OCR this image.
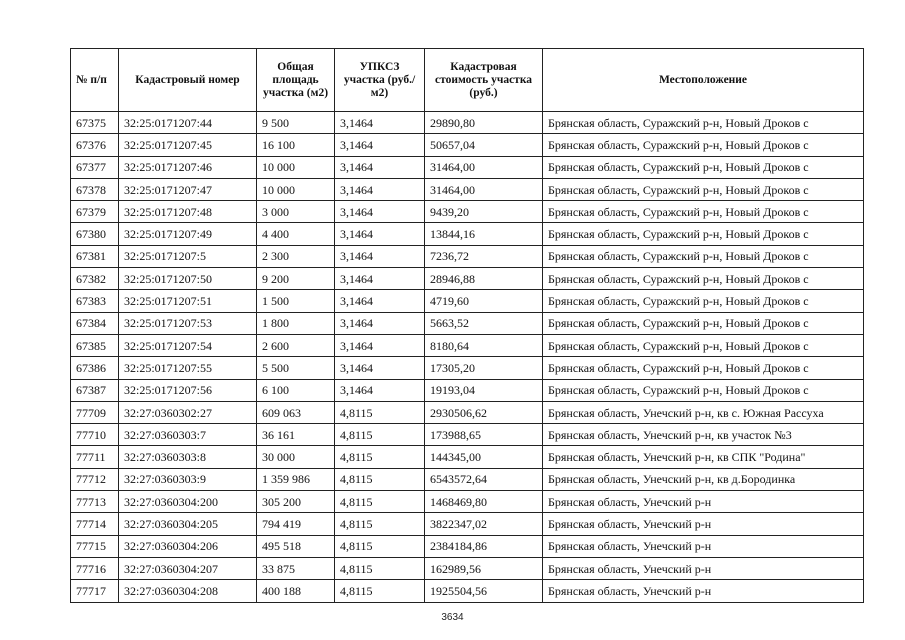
№ п/п	Кадастровый номер	Общая площадь участка (м2)	УПКСЗ участка (руб./м2)	Кадастровая стоимость участка (руб.)	Местоположение
67375	32:25:0171207:44	9 500	3,1464	29890,80	Брянская область, Суражский р-н, Новый Дроков с
67376	32:25:0171207:45	16 100	3,1464	50657,04	Брянская область, Суражский р-н, Новый Дроков с
67377	32:25:0171207:46	10 000	3,1464	31464,00	Брянская область, Суражский р-н, Новый Дроков с
67378	32:25:0171207:47	10 000	3,1464	31464,00	Брянская область, Суражский р-н, Новый Дроков с
67379	32:25:0171207:48	3 000	3,1464	9439,20	Брянская область, Суражский р-н, Новый Дроков с
67380	32:25:0171207:49	4 400	3,1464	13844,16	Брянская область, Суражский р-н, Новый Дроков с
67381	32:25:0171207:5	2 300	3,1464	7236,72	Брянская область, Суражский р-н, Новый Дроков с
67382	32:25:0171207:50	9 200	3,1464	28946,88	Брянская область, Суражский р-н, Новый Дроков с
67383	32:25:0171207:51	1 500	3,1464	4719,60	Брянская область, Суражский р-н, Новый Дроков с
67384	32:25:0171207:53	1 800	3,1464	5663,52	Брянская область, Суражский р-н, Новый Дроков с
67385	32:25:0171207:54	2 600	3,1464	8180,64	Брянская область, Суражский р-н, Новый Дроков с
67386	32:25:0171207:55	5 500	3,1464	17305,20	Брянская область, Суражский р-н, Новый Дроков с
67387	32:25:0171207:56	6 100	3,1464	19193,04	Брянская область, Суражский р-н, Новый Дроков с
77709	32:27:0360302:27	609 063	4,8115	2930506,62	Брянская область, Унечский р-н, кв с. Южная Рассуха
77710	32:27:0360303:7	36 161	4,8115	173988,65	Брянская область, Унечский р-н, кв участок №3
77711	32:27:0360303:8	30 000	4,8115	144345,00	Брянская область, Унечский р-н, кв СПК "Родина"
77712	32:27:0360303:9	1 359 986	4,8115	6543572,64	Брянская область, Унечский р-н, кв д.Бородинка
77713	32:27:0360304:200	305 200	4,8115	1468469,80	Брянская область, Унечский р-н
77714	32:27:0360304:205	794 419	4,8115	3822347,02	Брянская область, Унечский р-н
77715	32:27:0360304:206	495 518	4,8115	2384184,86	Брянская область, Унечский р-н
77716	32:27:0360304:207	33 875	4,8115	162989,56	Брянская область, Унечский р-н
77717	32:27:0360304:208	400 188	4,8115	1925504,56	Брянская область, Унечский р-н
3634
